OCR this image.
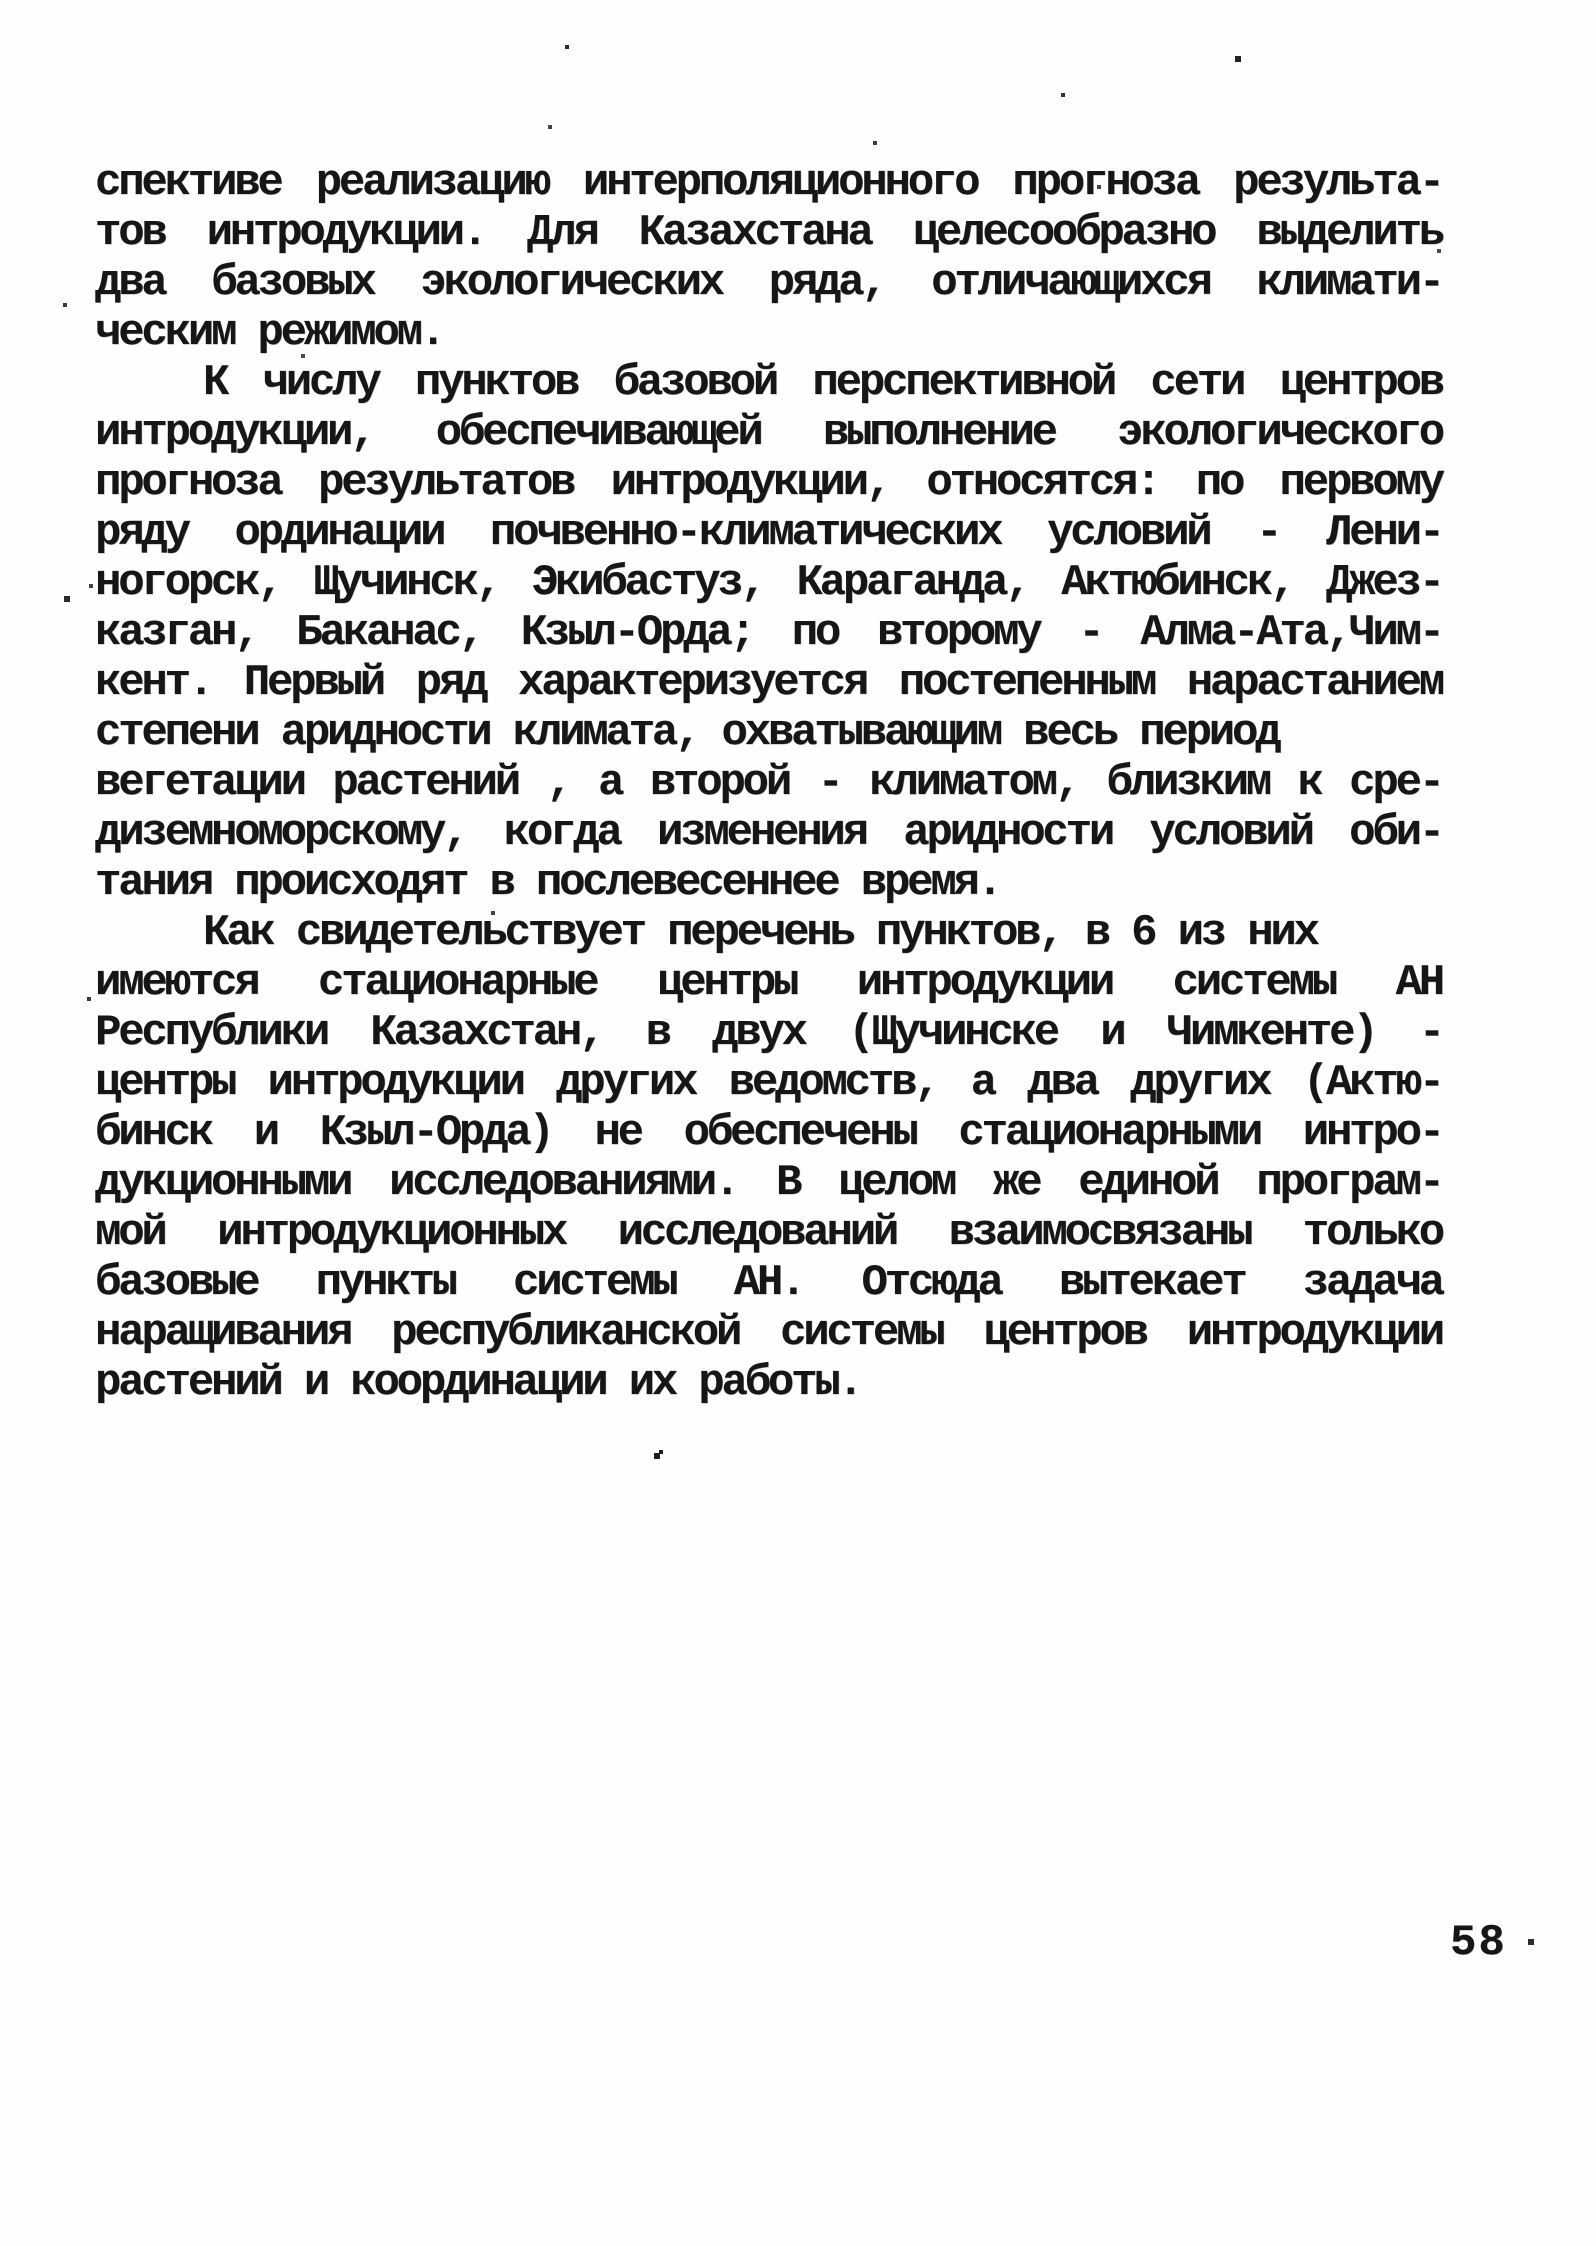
спективе реализацию интерполяционного прогноза результа-
тов интродукции. Для Казахстана целесообразно выделить
два базовых экологических ряда, отличающихся климати-
ческим режимом.
К числу пунктов базовой перспективной сети центров
интродукции, обеспечивающей выполнение экологического
прогноза результатов интродукции, относятся: по первому
ряду ординации почвенно-климатических условий - Лени-
ногорск, Щучинск, Экибастуз, Караганда, Актюбинск, Джез-
казган, Баканас, Кзыл-Орда; по второму - Алма-Ата,Чим-
кент. Первый ряд характеризуется постепенным нарастанием
степени аридности климата, охватывающим весь период
вегетации растений , а второй - климатом, близким к сре-
диземноморскому, когда изменения аридности условий оби-
тания происходят в послевесеннее время.
Как свидетельствует перечень пунктов, в 6 из них
имеются стационарные центры интродукции системы АН
Республики Казахстан, в двух (Щучинске и Чимкенте) -
центры интродукции других ведомств, а два других (Актю-
бинск и Кзыл-Орда) не обеспечены стационарными интро-
дукционными исследованиями. В целом же единой програм-
мой интродукционных исследований взаимосвязаны только
базовые пункты системы АН. Отсюда вытекает задача
наращивания республиканской системы центров интродукции
растений и координации их работы.
58
